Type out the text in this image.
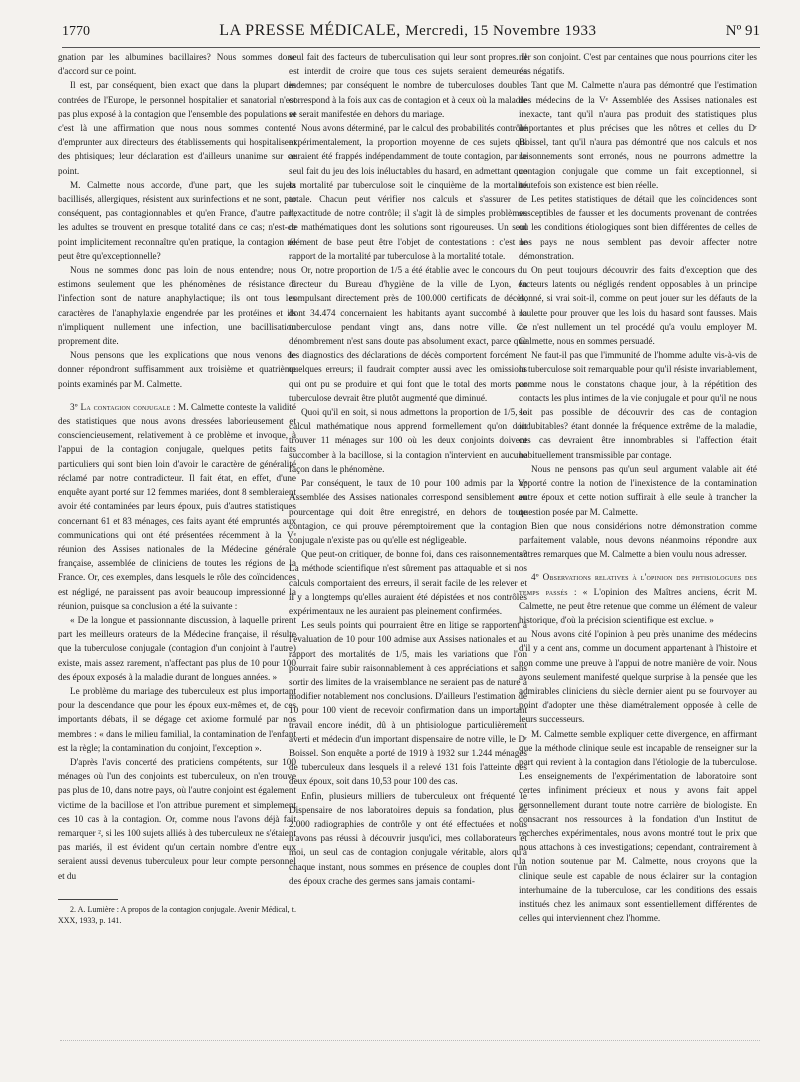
1770	LA PRESSE MÉDICALE, Mercredi, 15 Novembre 1933	Nº 91

gnation par les albumines bacillaires? Nous sommes donc d'accord sur ce point.

Il est, par conséquent, bien exact que dans la plupart des contrées de l'Europe, le personnel hospitalier et sanatorial n'est pas plus exposé à la contagion que l'ensemble des populations et c'est là une affirmation que nous nous sommes contenté d'emprunter aux directeurs des établissements qui hospitalisent des phtisiques; leur déclaration est d'ailleurs unanime sur ce point.

M. Calmette nous accorde, d'une part, que les sujets bacillisés, allergiques, résistent aux surinfections et ne sont, par conséquent, pas contagionnables et qu'en France, d'autre part, les adultes se trouvent en presque totalité dans ce cas; n'est-ce point implicitement reconnaître qu'en pratique, la contagion ne peut être qu'exceptionnelle?

Nous ne sommes donc pas loin de nous entendre; nous estimons seulement que les phénomènes de résistance à l'infection sont de nature anaphylactique; ils ont tous les caractères de l'anaphylaxie engendrée par les protéines et ils n'impliquent nullement une infection, une bacillisation proprement dite.

Nous pensons que les explications que nous venons de donner répondront suffisamment aux troisième et quatrième points examinés par M. Calmette.

3º La contagion conjugale : M. Calmette conteste la validité des statistiques que nous avons dressées laborieusement et consciencieusement, relativement à ce problème et invoque, à l'appui de la contagion conjugale, quelques petits faits particuliers qui sont bien loin d'avoir le caractère de généralité réclamé par notre contradicteur. Il fait état, en effet, d'une enquête ayant porté sur 12 femmes mariées, dont 8 sembleraient avoir été contaminées par leurs époux, puis d'autres statistiques concernant 61 et 83 ménages, ces faits ayant été empruntés aux communications qui ont été présentées récemment à la Vᵉ réunion des Assises nationales de la Médecine générale française, assemblée de cliniciens de toutes les régions de la France. Or, ces exemples, dans lesquels le rôle des coïncidences est négligé, ne paraissent pas avoir beaucoup impressionné la réunion, puisque sa conclusion a été la suivante :

« De la longue et passionnante discussion, à laquelle prirent part les meilleurs orateurs de la Médecine française, il résulte que la tuberculose conjugale (contagion d'un conjoint à l'autre) existe, mais assez rarement, n'affectant pas plus de 10 pour 100 des époux exposés à la maladie durant de longues années. »

Le problème du mariage des tuberculeux est plus important pour la descendance que pour les époux eux-mêmes et, de ces importants débats, il se dégage cet axiome formulé par nos membres : « dans le milieu familial, la contamination de l'enfant est la règle; la contamination du conjoint, l'exception ».

D'après l'avis concerté des praticiens compétents, sur 100 ménages où l'un des conjoints est tuberculeux, on n'en trouve pas plus de 10, dans notre pays, où l'autre conjoint est également victime de la bacillose et l'on attribue purement et simplement ces 10 cas à la contagion. Or, comme nous l'avons déjà fait remarquer ², si les 100 sujets alliés à des tuberculeux ne s'étaient pas mariés, il est évident qu'un certain nombre d'entre eux seraient aussi devenus tuberculeux pour leur compte personnel et du

2. A. Lumière : A propos de la contagion conjugale. Avenir Médical, t. XXX, 1933, p. 141.

seul fait des facteurs de tuberculisation qui leur sont propres. Il est interdit de croire que tous ces sujets seraient demeurés indemnes; par conséquent le nombre de tuberculoses doubles correspond à la fois aux cas de contagion et à ceux où la maladie se serait manifestée en dehors du mariage.

Nous avons déterminé, par le calcul des probabilités contrôlé expérimentalement, la proportion moyenne de ces sujets qui auraient été frappés indépendamment de toute contagion, par le seul fait du jeu des lois inéluctables du hasard, en admettant que la mortalité par tuberculose soit le cinquième de la mortalité totale. Chacun peut vérifier nos calculs et s'assurer de l'exactitude de notre contrôle; il s'agit là de simples problèmes de mathématiques dont les solutions sont rigoureuses. Un seul élément de base peut être l'objet de contestations : c'est le rapport de la mortalité par tuberculose à la mortalité totale.

Or, notre proportion de 1/5 a été établie avec le concours du directeur du Bureau d'hygiène de la ville de Lyon, en compulsant directement près de 100.000 certificats de décès, dont 34.474 concernaient les habitants ayant succombé à la tuberculose pendant vingt ans, dans notre ville. Ce dénombrement n'est sans doute pas absolument exact, parce que les diagnostics des déclarations de décès comportent forcément quelques erreurs; il faudrait compter aussi avec les omissions qui ont pu se produire et qui font que le total des morts par tuberculose devrait être plutôt augmenté que diminué.

Quoi qu'il en soit, si nous admettons la proportion de 1/5, le calcul mathématique nous apprend formellement qu'on doit trouver 11 ménages sur 100 où les deux conjoints doivent succomber à la bacillose, si la contagion n'intervient en aucune façon dans le phénomène.

Par conséquent, le taux de 10 pour 100 admis par la Vᵉ Assemblée des Assises nationales correspond sensiblement au pourcentage qui doit être enregistré, en dehors de toute contagion, ce qui prouve péremptoirement que la contagion conjugale n'existe pas ou qu'elle est négligeable.

Que peut-on critiquer, de bonne foi, dans ces raisonnements? La méthode scientifique n'est sûrement pas attaquable et si nos calculs comportaient des erreurs, il serait facile de les relever et il y a longtemps qu'elles auraient été dépistées et nos contrôles expérimentaux ne les auraient pas pleinement confirmées.

Les seuls points qui pourraient être en litige se rapportent à l'évaluation de 10 pour 100 admise aux Assises nationales et au rapport des mortalités de 1/5, mais les variations que l'on pourrait faire subir raisonnablement à ces appréciations et sans sortir des limites de la vraisemblance ne seraient pas de nature à modifier notablement nos conclusions. D'ailleurs l'estimation de 10 pour 100 vient de recevoir confirmation dans un important travail encore inédit, dû à un phtisiologue particulièrement averti et médecin d'un important dispensaire de notre ville, le Dʳ Boissel. Son enquête a porté de 1919 à 1932 sur 1.244 ménages de tuberculeux dans lesquels il a relevé 131 fois l'atteinte des deux époux, soit dans 10,53 pour 100 des cas.

Enfin, plusieurs milliers de tuberculeux ont fréquenté le Dispensaire de nos laboratoires depuis sa fondation, plus de 2.000 radiographies de contrôle y ont été effectuées et nous n'avons pas réussi à découvrir jusqu'ici, mes collaborateurs et moi, un seul cas de contagion conjugale véritable, alors qu'à chaque instant, nous sommes en présence de couples dont l'un des époux crache des germes sans jamais contami-

ner son conjoint. C'est par centaines que nous pourrions citer les cas négatifs.

Tant que M. Calmette n'aura pas démontré que l'estimation des médecins de la Vᵉ Assemblée des Assises nationales est inexacte, tant qu'il n'aura pas produit des statistiques plus importantes et plus précises que les nôtres et celles du Dʳ Boissel, tant qu'il n'aura pas démontré que nos calculs et nos raisonnements sont erronés, nous ne pourrons admettre la contagion conjugale que comme un fait exceptionnel, si toutefois son existence est bien réelle.

Les petites statistiques de détail que les coïncidences sont susceptibles de fausser et les documents provenant de contrées où les conditions étiologiques sont bien différentes de celles de nos pays ne nous semblent pas devoir affecter notre démonstration.

On peut toujours découvrir des faits d'exception que des facteurs latents ou négligés rendent opposables à un principe donné, si vrai soit-il, comme on peut jouer sur les défauts de la roulette pour prouver que les lois du hasard sont fausses. Mais ce n'est nullement un tel procédé qu'a voulu employer M. Calmette, nous en sommes persuadé.

Ne faut-il pas que l'immunité de l'homme adulte vis-à-vis de la tuberculose soit remarquable pour qu'il résiste invariablement, comme nous le constatons chaque jour, à la répétition des contacts les plus intimes de la vie conjugale et pour qu'il ne nous soit pas possible de découvrir des cas de contagion indubitables? étant donnée la fréquence extrême de la maladie, ces cas devraient être innombrables si l'affection était habituellement transmissible par contage.

Nous ne pensons pas qu'un seul argument valable ait été apporté contre la notion de l'inexistence de la contamination entre époux et cette notion suffirait à elle seule à trancher la question posée par M. Calmette.

Bien que nous considérions notre démonstration comme parfaitement valable, nous devons néanmoins répondre aux autres remarques que M. Calmette a bien voulu nous adresser.

4º Observations relatives à l'opinion des phtisiologues des temps passés : « L'opinion des Maîtres anciens, écrit M. Calmette, ne peut être retenue que comme un élément de valeur historique, d'où la précision scientifique est exclue. »

Nous avons cité l'opinion à peu près unanime des médecins d'il y a cent ans, comme un document appartenant à l'histoire et non comme une preuve à l'appui de notre manière de voir. Nous avons seulement manifesté quelque surprise à la pensée que les admirables cliniciens du siècle dernier aient pu se fourvoyer au point d'adopter une thèse diamétralement opposée à celle de leurs successeurs.

M. Calmette semble expliquer cette divergence, en affirmant que la méthode clinique seule est incapable de renseigner sur la part qui revient à la contagion dans l'étiologie de la tuberculose. Les enseignements de l'expérimentation de laboratoire sont certes infiniment précieux et nous y avons fait appel personnellement durant toute notre carrière de biologiste. En consacrant nos ressources à la fondation d'un Institut de recherches expérimentales, nous avons montré tout le prix que nous attachons à ces investigations; cependant, contrairement à la notion soutenue par M. Calmette, nous croyons que la clinique seule est capable de nous éclairer sur la contagion interhumaine de la tuberculose, car les conditions des essais institués chez les animaux sont essentiellement différentes de celles qui interviennent chez l'homme.
